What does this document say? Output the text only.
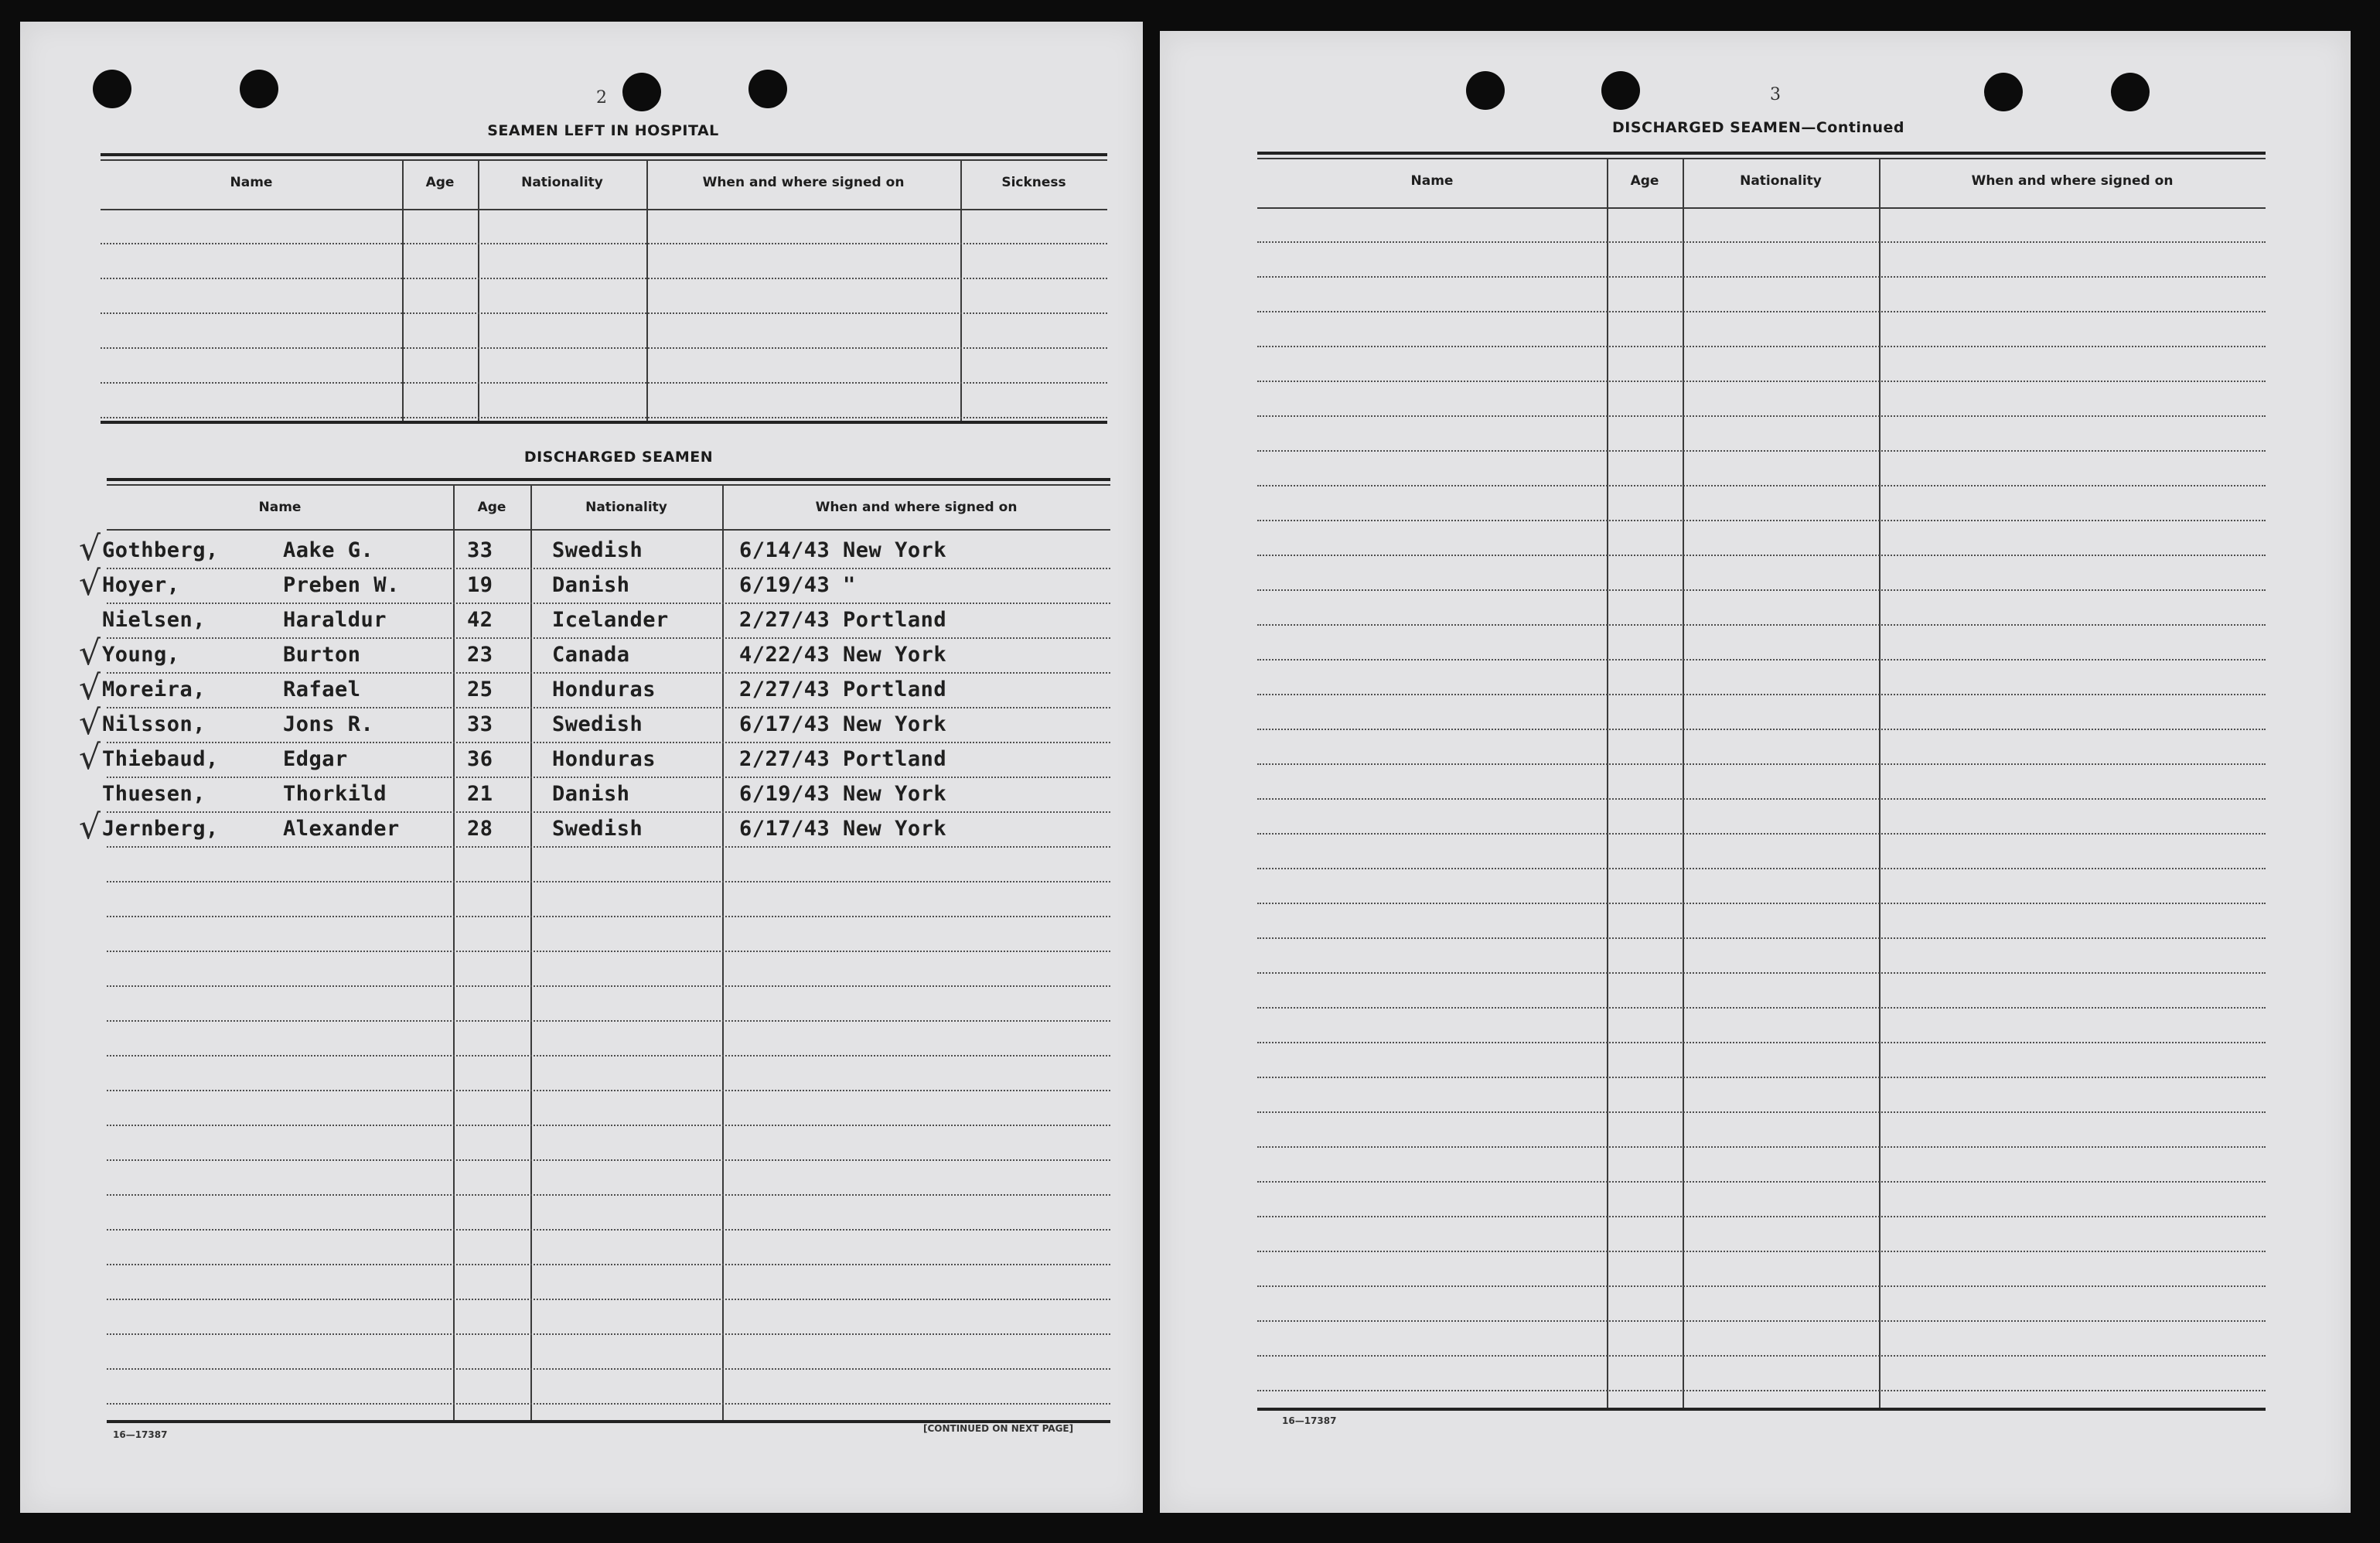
2
SEAMEN LEFT IN HOSPITAL
Name	Age	Nationality	When and where signed on	Sickness
DISCHARGED SEAMEN
Name	Age	Nationality	When and where signed on
√ Gothberg,	Aake G.	33	Swedish	6/14/43 New York
√ Hoyer,	Preben W.	19	Danish	6/19/43 "
Nielsen,	Haraldur	42	Icelander	2/27/43 Portland
√ Young,	Burton	23	Canada	4/22/43 New York
√ Moreira,	Rafael	25	Honduras	2/27/43 Portland
√ Nilsson,	Jons R.	33	Swedish	6/17/43 New York
√ Thiebaud,	Edgar	36	Honduras	2/27/43 Portland
Thuesen,	Thorkild	21	Danish	6/19/43 New York
√ Jernberg,	Alexander	28	Swedish	6/17/43 New York
16—17387
[CONTINUED ON NEXT PAGE]
3
DISCHARGED SEAMEN—Continued
Name	Age	Nationality	When and where signed on
16—17387
